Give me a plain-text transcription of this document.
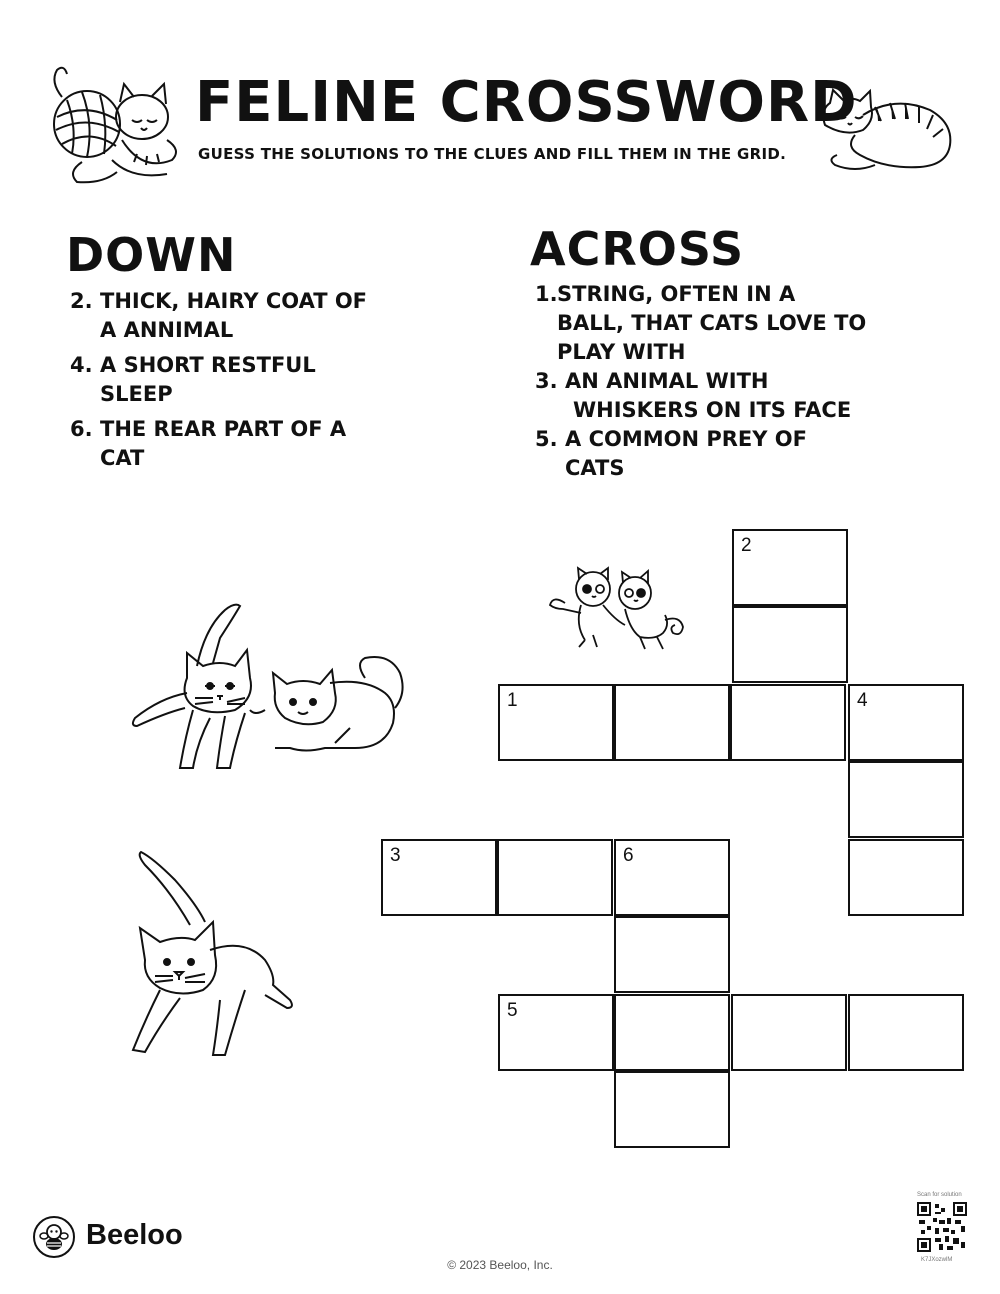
FELINE CROSSWORD
GUESS THE SOLUTIONS TO THE CLUES AND FILL THEM IN THE GRID.
DOWN
2. THICK, HAIRY COAT OF
A ANNIMAL
4. A SHORT RESTFUL
SLEEP
6. THE REAR PART OF A
CAT
ACROSS
1.STRING, OFTEN IN A
BALL, THAT CATS LOVE TO
PLAY WITH
3. AN ANIMAL WITH
WHISKERS ON ITS FACE
5. A COMMON PREY OF
CATS
2
1	4
3	6
5
Beeloo
© 2023 Beeloo, Inc.
Scan for solution
K7JXozwlM
